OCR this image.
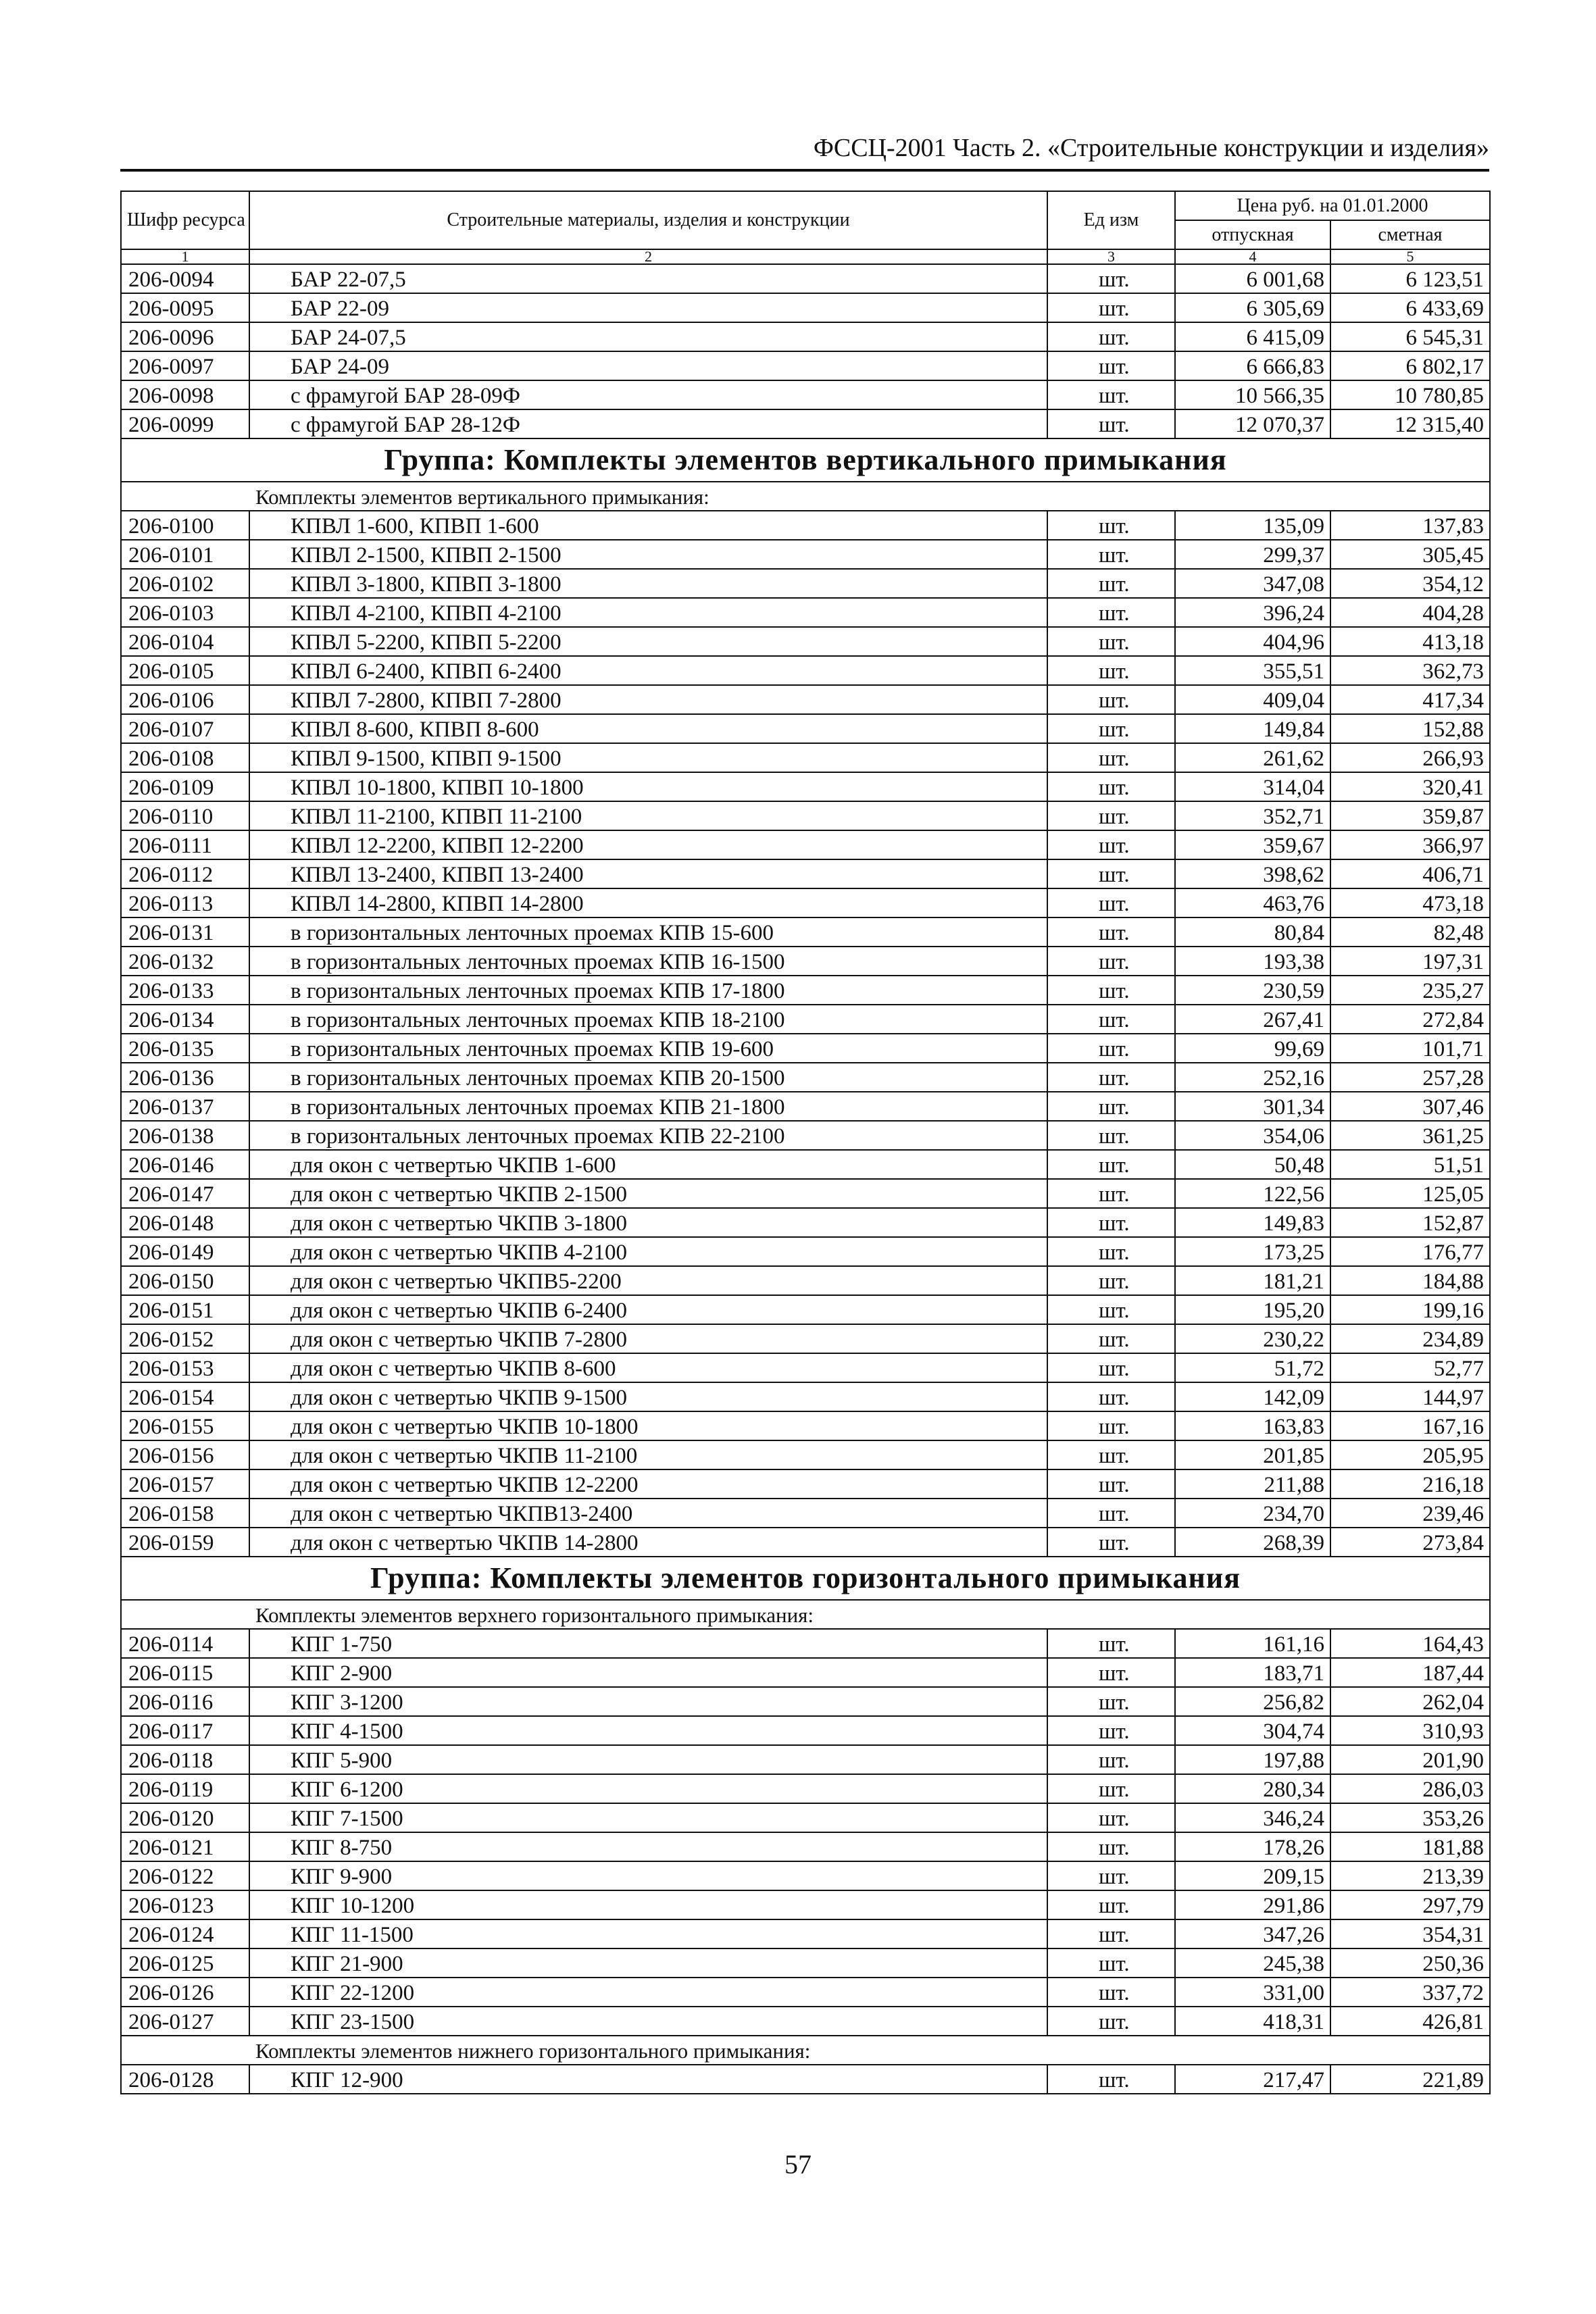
ФССЦ-2001 Часть 2. «Строительные конструкции и изделия»
Шифр ресурса	Строительные материалы, изделия и конструкции	Ед изм	Цена руб. на 01.01.2000	
			отпускная	сметная
1	2	3	4	5
206-0094	БАР 22-07,5	шт.	6 001,68	6 123,51
206-0095	БАР 22-09	шт.	6 305,69	6 433,69
206-0096	БАР 24-07,5	шт.	6 415,09	6 545,31
206-0097	БАР 24-09	шт.	6 666,83	6 802,17
206-0098	с фрамугой БАР 28-09Ф	шт.	10 566,35	10 780,85
206-0099	с фрамугой БАР 28-12Ф	шт.	12 070,37	12 315,40
Группа: Комплекты элементов вертикального примыкания				
Комплекты элементов вертикального примыкания:				
206-0100	КПВЛ 1-600, КПВП 1-600	шт.	135,09	137,83
206-0101	КПВЛ 2-1500, КПВП 2-1500	шт.	299,37	305,45
206-0102	КПВЛ 3-1800, КПВП 3-1800	шт.	347,08	354,12
206-0103	КПВЛ 4-2100, КПВП 4-2100	шт.	396,24	404,28
206-0104	КПВЛ 5-2200, КПВП 5-2200	шт.	404,96	413,18
206-0105	КПВЛ 6-2400, КПВП 6-2400	шт.	355,51	362,73
206-0106	КПВЛ 7-2800, КПВП 7-2800	шт.	409,04	417,34
206-0107	КПВЛ 8-600, КПВП 8-600	шт.	149,84	152,88
206-0108	КПВЛ 9-1500, КПВП 9-1500	шт.	261,62	266,93
206-0109	КПВЛ 10-1800, КПВП 10-1800	шт.	314,04	320,41
206-0110	КПВЛ 11-2100, КПВП 11-2100	шт.	352,71	359,87
206-0111	КПВЛ 12-2200, КПВП 12-2200	шт.	359,67	366,97
206-0112	КПВЛ 13-2400, КПВП 13-2400	шт.	398,62	406,71
206-0113	КПВЛ 14-2800, КПВП 14-2800	шт.	463,76	473,18
206-0131	в горизонтальных ленточных проемах КПВ 15-600	шт.	80,84	82,48
206-0132	в горизонтальных ленточных проемах КПВ 16-1500	шт.	193,38	197,31
206-0133	в горизонтальных ленточных проемах КПВ 17-1800	шт.	230,59	235,27
206-0134	в горизонтальных ленточных проемах КПВ 18-2100	шт.	267,41	272,84
206-0135	в горизонтальных ленточных проемах КПВ 19-600	шт.	99,69	101,71
206-0136	в горизонтальных ленточных проемах КПВ 20-1500	шт.	252,16	257,28
206-0137	в горизонтальных ленточных проемах КПВ 21-1800	шт.	301,34	307,46
206-0138	в горизонтальных ленточных проемах КПВ 22-2100	шт.	354,06	361,25
206-0146	для окон с четвертью ЧКПВ 1-600	шт.	50,48	51,51
206-0147	для окон с четвертью ЧКПВ 2-1500	шт.	122,56	125,05
206-0148	для окон с четвертью ЧКПВ 3-1800	шт.	149,83	152,87
206-0149	для окон с четвертью ЧКПВ 4-2100	шт.	173,25	176,77
206-0150	для окон с четвертью ЧКПВ5-2200	шт.	181,21	184,88
206-0151	для окон с четвертью ЧКПВ 6-2400	шт.	195,20	199,16
206-0152	для окон с четвертью ЧКПВ 7-2800	шт.	230,22	234,89
206-0153	для окон с четвертью ЧКПВ 8-600	шт.	51,72	52,77
206-0154	для окон с четвертью ЧКПВ 9-1500	шт.	142,09	144,97
206-0155	для окон с четвертью ЧКПВ 10-1800	шт.	163,83	167,16
206-0156	для окон с четвертью ЧКПВ 11-2100	шт.	201,85	205,95
206-0157	для окон с четвертью ЧКПВ 12-2200	шт.	211,88	216,18
206-0158	для окон с четвертью ЧКПВ13-2400	шт.	234,70	239,46
206-0159	для окон с четвертью ЧКПВ 14-2800	шт.	268,39	273,84
Группа: Комплекты элементов горизонтального примыкания				
Комплекты элементов верхнего горизонтального примыкания:				
206-0114	КПГ 1-750	шт.	161,16	164,43
206-0115	КПГ 2-900	шт.	183,71	187,44
206-0116	КПГ 3-1200	шт.	256,82	262,04
206-0117	КПГ 4-1500	шт.	304,74	310,93
206-0118	КПГ 5-900	шт.	197,88	201,90
206-0119	КПГ 6-1200	шт.	280,34	286,03
206-0120	КПГ 7-1500	шт.	346,24	353,26
206-0121	КПГ 8-750	шт.	178,26	181,88
206-0122	КПГ 9-900	шт.	209,15	213,39
206-0123	КПГ 10-1200	шт.	291,86	297,79
206-0124	КПГ 11-1500	шт.	347,26	354,31
206-0125	КПГ 21-900	шт.	245,38	250,36
206-0126	КПГ 22-1200	шт.	331,00	337,72
206-0127	КПГ 23-1500	шт.	418,31	426,81
Комплекты элементов нижнего горизонтального примыкания:				
206-0128	КПГ 12-900	шт.	217,47	221,89
57
